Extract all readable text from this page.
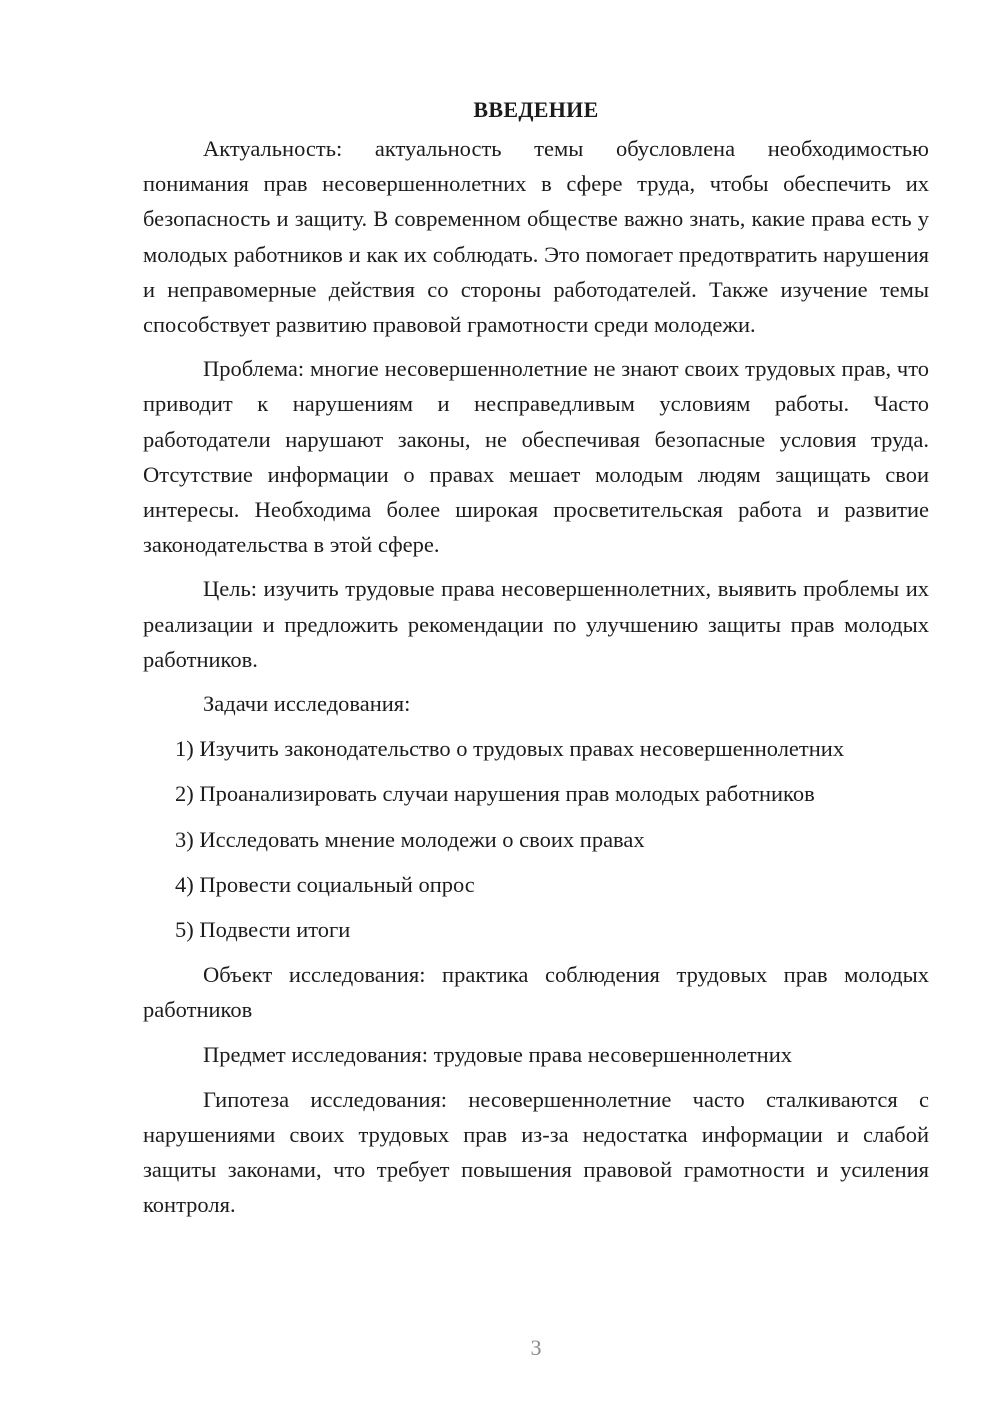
ВВЕДЕНИЕ

Актуальность: актуальность темы обусловлена необходимостью понимания прав несовершеннолетних в сфере труда, чтобы обеспечить их безопасность и защиту. В современном обществе важно знать, какие права есть у молодых работников и как их соблюдать. Это помогает предотвратить нарушения и неправомерные действия со стороны работодателей. Также изучение темы способствует развитию правовой грамотности среди молодежи.

Проблема: многие несовершеннолетние не знают своих трудовых прав, что приводит к нарушениям и несправедливым условиям работы. Часто работодатели нарушают законы, не обеспечивая безопасные условия труда. Отсутствие информации о правах мешает молодым людям защищать свои интересы. Необходима более широкая просветительская работа и развитие законодательства в этой сфере.

Цель: изучить трудовые права несовершеннолетних, выявить проблемы их реализации и предложить рекомендации по улучшению защиты прав молодых работников.

Задачи исследования:

1) Изучить законодательство о трудовых правах несовершеннолетних
2) Проанализировать случаи нарушения прав молодых работников
3) Исследовать мнение молодежи о своих правах
4) Провести социальный опрос
5) Подвести итоги

Объект исследования: практика соблюдения трудовых прав молодых работников

Предмет исследования: трудовые права несовершеннолетних

Гипотеза исследования: несовершеннолетние часто сталкиваются с нарушениями своих трудовых прав из-за недостатка информации и слабой защиты законами, что требует повышения правовой грамотности и усиления контроля.

3
